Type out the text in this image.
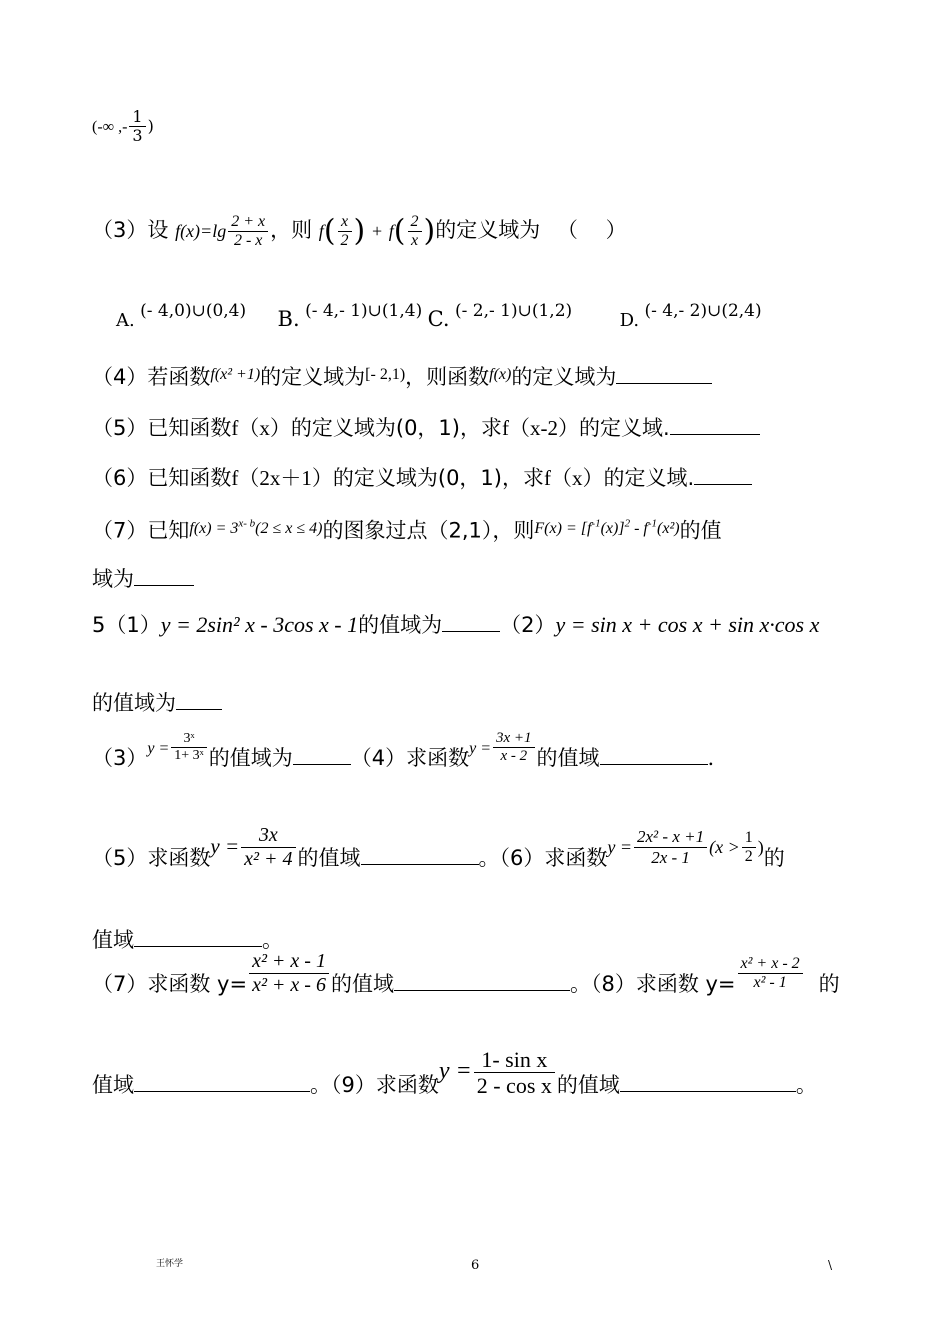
(-∞ ,- $\frac{1}{3}$ )
（3）设 $f(x)=\lg \frac{2 + x}{2 - x}$ ，则 $f( \frac{x}{2}$ ) + $f( \frac{2}{x}$ )的定义域为 （　 ）
A. (- 4,0)∪(0,4) B. (- 4,- 1)∪(1,4) C. (- 2,- 1)∪(1,2)	D. (- 4,- 2)∪(2,4)
（4）若函数$^{f(x^2 +1)}$的定义域为$^{[- 2,1)}$，则函数$^{f(x)}$的定义域为
（5）已知函数f（x）的定义域为(0，1)，求f（x-2）的定义域.
（6）已知函数f（2x＋1）的定义域为(0，1)，求f（x）的定义域.
（7）已知$f(x) = 3^{x- b}(2 \le x \le 4)$的图象过点（2,1），则$F(x) = [f^{-1}(x)]^2 - f^{-1}(x^2)$的值
域为
5（1）y = 2sin² x - 3cos x - 1的值域为	（2）y = sin x + cos x + sin x·cos x
的值域为
$(3)^{y =} \frac{\text{3ˣ}}{\text{1+ 3ˣ}}$ 的值域为	（4）求函数$^{y =} \frac{3x +1}{x - 2}$ 的值域	.
（5）求函数$y = \frac{3x}{\text{x² + 4}}$ 的值域	。（6）求函数$y = \frac{\text{2x² - x +1}}{2x - 1} (x > \frac{1}{2}$ )的
值域	。
（7）求函数 $y= \frac{\text{x² + x - 1}}{\text{x² + x - 6}}$ 的值域	。（8）求函数 $y= \frac{\text{x² + x - 2}}{\text{x² - 1}}$ 的
值域	。（9）求函数$y = \frac{\text{1- sin x}}{\text{2 - cos x}}$ 的值域	。
王怀学	6	\
